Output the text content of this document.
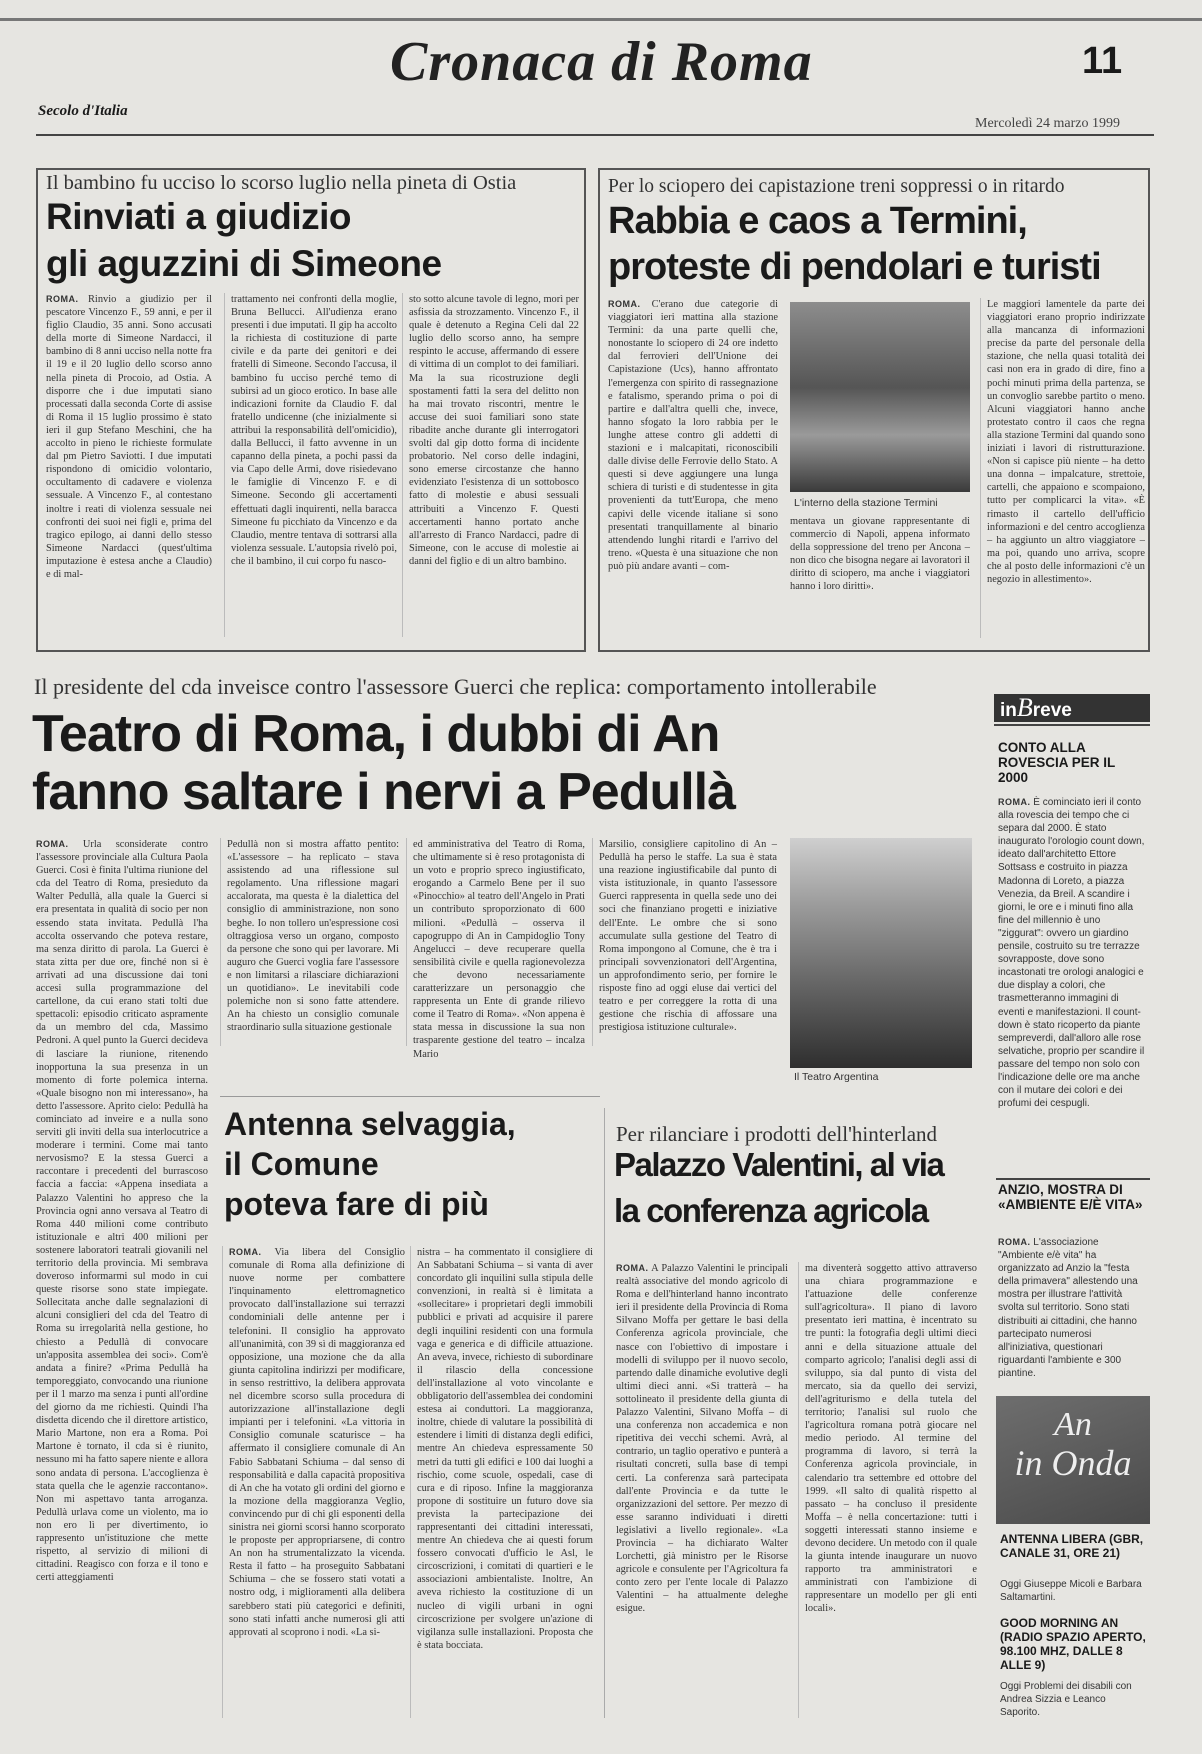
Cronaca di Roma	11
Secolo d'Italia
Mercoledì 24 marzo 1999
Il bambino fu ucciso lo scorso luglio nella pineta di Ostia
Rinviati a giudizio
gli aguzzini di Simeone
ROMA. Rinvio a giudizio per il pescatore Vincenzo F., 59 anni, e per il figlio Claudio, 35 anni. Sono accusati della morte di Simeone Nardacci, il bambino di 8 anni ucciso nella notte fra il 19 e il 20 luglio dello scorso anno nella pineta di Procoio, ad Ostia. A disporre che i due imputati siano processati dalla seconda Corte di assise di Roma il 15 luglio prossimo è stato ieri il gup Stefano Meschini, che ha accolto in pieno le richieste formulate dal pm Pietro Saviotti. I due imputati rispondono di omicidio volontario, occultamento di cadavere e violenza sessuale. A Vincenzo F., al contestano inoltre i reati di violenza sessuale nei confronti dei suoi nei figli e, prima del tragico epilogo, ai danni dello stesso Simeone Nardacci (quest'ultima imputazione è estesa anche a Claudio) e di mal-
trattamento nei confronti della moglie, Bruna Bellucci. All'udienza erano presenti i due imputati. Il gip ha accolto la richiesta di costituzione di parte civile e da parte dei genitori e dei fratelli di Simeone. Secondo l'accusa, il bambino fu ucciso perché temo di subirsi ad un gioco erotico. In base alle indicazioni fornite da Claudio F. dal fratello undicenne (che inizialmente si attribuì la responsabilità dell'omicidio), dalla Bellucci, il fatto avvenne in un capanno della pineta, a pochi passi da via Capo delle Armi, dove risiedevano le famiglie di Vincenzo F. e di Simeone. Secondo gli accertamenti effettuati dagli inquirenti, nella baracca Simeone fu picchiato da Vincenzo e da Claudio, mentre tentava di sottrarsi alla violenza sessuale. L'autopsia rivelò poi, che il bambino, il cui corpo fu nasco-
sto sotto alcune tavole di legno, morì per asfissia da strozzamento. Vincenzo F., il quale è detenuto a Regina Celi dal 22 luglio dello scorso anno, ha sempre respinto le accuse, affermando di essere di vittima di un complot to dei familiari. Ma la sua ricostruzione degli spostamenti fatti la sera del delitto non ha mai trovato riscontri, mentre le accuse dei suoi familiari sono state ribadite anche durante gli interrogatori svolti dal gip dotto forma di incidente probatorio. Nel corso delle indagini, sono emerse circostanze che hanno evidenziato l'esistenza di un sottobosco fatto di molestie e abusi sessuali attribuiti a Vincenzo F. Questi accertamenti hanno portato anche all'arresto di Franco Nardacci, padre di Simeone, con le accuse di molestie ai danni del figlio e di un altro bambino.
Per lo sciopero dei capistazione treni soppressi o in ritardo
Rabbia e caos a Termini,
proteste di pendolari e turisti
ROMA. C'erano due categorie di viaggiatori ieri mattina alla stazione Termini: da una parte quelli che, nonostante lo sciopero di 24 ore indetto dal ferrovieri dell'Unione dei Capistazione (Ucs), hanno affrontato l'emergenza con spirito di rassegnazione e fatalismo, sperando prima o poi di partire e dall'altra quelli che, invece, hanno sfogato la loro rabbia per le lunghe attese contro gli addetti di stazioni e i malcapitati, riconoscibili dalle divise delle Ferrovie dello Stato. A questi si deve aggiungere una lunga schiera di turisti e di studentesse in gita provenienti da tutt'Europa, che meno capivi delle vicende italiane si sono presentati tranquillamente al binario attendendo lunghi ritardi e l'arrivo del treno. «Questa è una situazione che non può più andare avanti – com-
L'interno della stazione Termini
mentava un giovane rappresentante di commercio di Napoli, appena informato della soppressione del treno per Ancona – non dico che bisogna negare ai lavoratori il diritto di sciopero, ma anche i viaggiatori hanno i loro diritti».
Le maggiori lamentele da parte dei viaggiatori erano proprio indirizzate alla mancanza di informazioni precise da parte del personale della stazione, che nella quasi totalità dei casi non era in grado di dire, fino a pochi minuti prima della partenza, se un convoglio sarebbe partito o meno. Alcuni viaggiatori hanno anche protestato contro il caos che regna alla stazione Termini dal quando sono iniziati i lavori di ristrutturazione. «Non si capisce più niente – ha detto una donna – impalcature, strettoie, cartelli, che appaiono e scompaiono, tutto per complicarci la vita». «È rimasto il cartello dell'ufficio informazioni e del centro accoglienza – ha aggiunto un altro viaggiatore – ma poi, quando uno arriva, scopre che al posto delle informazioni c'è un negozio in allestimento».
Il presidente del cda inveisce contro l'assessore Guerci che replica: comportamento intollerabile
Teatro di Roma, i dubbi di An
fanno saltare i nervi a Pedullà
ROMA. Urla sconsiderate contro l'assessore provinciale alla Cultura Paola Guerci. Così è finita l'ultima riunione del cda del Teatro di Roma, presieduto da Walter Pedullà, alla quale la Guerci si era presentata in qualità di socio per non essendo stata invitata. Pedullà l'ha accolta osservando che poteva restare, ma senza diritto di parola. La Guerci è stata zitta per due ore, finché non si è arrivati ad una discussione dai toni accesi sulla programmazione del cartellone, da cui erano stati tolti due spettacoli: episodio criticato aspramente da un membro del cda, Massimo Pedroni. A quel punto la Guerci decideva di lasciare la riunione, ritenendo inopportuna la sua presenza in un momento di forte polemica interna. «Quale bisogno non mi interessano», ha detto l'assessore. Aprito cielo: Pedullà ha cominciato ad inveire e a nulla sono serviti gli inviti della sua interlocutrice a moderare i termini. Come mai tanto nervosismo? E la stessa Guerci a raccontare i precedenti del burrascoso faccia a faccia: «Appena insediata a Palazzo Valentini ho appreso che la Provincia ogni anno versava al Teatro di Roma 440 milioni come contributo istituzionale e altri 400 milioni per sostenere laboratori teatrali giovanili nel territorio della provincia. Mi sembrava doveroso informarmi sul modo in cui queste risorse sono state impiegate. Sollecitata anche dalle segnalazioni di alcuni consiglieri del cda del Teatro di Roma su irregolarità nella gestione, ho chiesto a Pedullà di convocare un'apposita assemblea dei soci». Com'è andata a finire? «Prima Pedullà ha temporeggiato, convocando una riunione per il 1 marzo ma senza i punti all'ordine del giorno da me richiesti. Quindi l'ha disdetta dicendo che il direttore artistico, Mario Martone, non era a Roma. Poi Martone è tornato, il cda si è riunito, nessuno mi ha fatto sapere niente e allora sono andata di persona. L'accoglienza è stata quella che le agenzie raccontano». Non mi aspettavo tanta arroganza. Pedullà urlava come un violento, ma io non ero lì per divertimento, io rappresento un'istituzione che mette rispetto, al servizio di milioni di cittadini. Reagisco con forza e il tono e certi atteggiamenti
Pedullà non si mostra affatto pentito: «L'assessore – ha replicato – stava assistendo ad una riflessione sul regolamento. Una riflessione magari accalorata, ma questa è la dialettica del consiglio di amministrazione, non sono beghe. Io non tollero un'espressione così oltraggiosa verso un organo, composto da persone che sono qui per lavorare. Mi auguro che Guerci voglia fare l'assessore e non limitarsi a rilasciare dichiarazioni un quotidiano». Le inevitabili code polemiche non si sono fatte attendere. An ha chiesto un consiglio comunale straordinario sulla situazione gestionale
ed amministrativa del Teatro di Roma, che ultimamente si è reso protagonista di un voto e proprio spreco ingiustificato, erogando a Carmelo Bene per il suo «Pinocchio» al teatro dell'Angelo in Prati un contributo sproporzionato di 600 milioni. «Pedullà – osserva il capogruppo di An in Campidoglio Tony Angelucci – deve recuperare quella sensibilità civile e quella ragionevolezza che devono necessariamente caratterizzare un personaggio che rappresenta un Ente di grande rilievo come il Teatro di Roma». «Non appena è stata messa in discussione la sua non trasparente gestione del teatro – incalza Mario
Marsilio, consigliere capitolino di An – Pedullà ha perso le staffe. La sua è stata una reazione ingiustificabile dal punto di vista istituzionale, in quanto l'assessore Guerci rappresenta in quella sede uno dei soci che finanziano progetti e iniziative dell'Ente. Le ombre che si sono accumulate sulla gestione del Teatro di Roma impongono al Comune, che è tra i principali sovvenzionatori dell'Argentina, un approfondimento serio, per fornire le risposte fino ad oggi eluse dai vertici del teatro e per correggere la rotta di una gestione che rischia di affossare una prestigiosa istituzione culturale».
Il Teatro Argentina
Antenna selvaggia,
il Comune
poteva fare di più
ROMA. Via libera del Consiglio comunale di Roma alla definizione di nuove norme per combattere l'inquinamento elettromagnetico provocato dall'installazione sui terrazzi condominiali delle antenne per i telefonini. Il consiglio ha approvato all'unanimità, con 39 sì di maggioranza ed opposizione, una mozione che da alla giunta capitolina indirizzi per modificare, in senso restrittivo, la delibera approvata nel dicembre scorso sulla procedura di autorizzazione all'installazione degli impianti per i telefonini. «La vittoria in Consiglio comunale scaturisce – ha affermato il consigliere comunale di An Fabio Sabbatani Schiuma – dal senso di responsabilità e dalla capacità propositiva di An che ha votato gli ordini del giorno e la mozione della maggioranza Veglio, convincendo pur di chi gli esponenti della sinistra nei giorni scorsi hanno scorporato le proposte per appropriarsene, di contro An non ha strumentalizzato la vicenda. Resta il fatto – ha proseguito Sabbatani Schiuma – che se fossero stati votati a nostro odg, i miglioramenti alla delibera sarebbero stati più categorici e definiti, sono stati infatti anche numerosi gli atti approvati al scoprono i nodi. «La si-
nistra – ha commentato il consigliere di An Sabbatani Schiuma – si vanta di aver concordato gli inquilini sulla stipula delle convenzioni, in realtà si è limitata a «sollecitare» i proprietari degli immobili pubblici e privati ad acquisire il parere degli inquilini residenti con una formula vaga e generica e di difficile attuazione. An aveva, invece, richiesto di subordinare il rilascio della concessione dell'installazione al voto vincolante e obbligatorio dell'assemblea dei condomini estesa ai conduttori. La maggioranza, inoltre, chiede di valutare la possibilità di estendere i limiti di distanza degli edifici, mentre An chiedeva espressamente 50 metri da tutti gli edifici e 100 dai luoghi a rischio, come scuole, ospedali, case di cura e di riposo. Infine la maggioranza propone di sostituire un futuro dove sia prevista la partecipazione dei rappresentanti dei cittadini interessati, mentre An chiedeva che ai questi forum fossero convocati d'ufficio le Asl, le circoscrizioni, i comitati di quartieri e le associazioni ambientaliste. Inoltre, An aveva richiesto la costituzione di un nucleo di vigili urbani in ogni circoscrizione per svolgere un'azione di vigilanza sulle installazioni. Proposta che è stata bocciata.
Per rilanciare i prodotti dell'hinterland
Palazzo Valentini, al via
la conferenza agricola
ROMA. A Palazzo Valentini le principali realtà associative del mondo agricolo di Roma e dell'hinterland hanno incontrato ieri il presidente della Provincia di Roma Silvano Moffa per gettare le basi della Conferenza agricola provinciale, che nasce con l'obiettivo di impostare i modelli di sviluppo per il nuovo secolo, partendo dalle dinamiche evolutive degli ultimi dieci anni. «Si tratterà – ha sottolineato il presidente della giunta di Palazzo Valentini, Silvano Moffa – di una conferenza non accademica e non ripetitiva dei vecchi schemi. Avrà, al contrario, un taglio operativo e punterà a risultati concreti, sulla base di tempi certi. La conferenza sarà partecipata dall'ente Provincia e da tutte le organizzazioni del settore. Per mezzo di esse saranno individuati i diretti legislativi a livello regionale». «La Provincia – ha dichiarato Walter Lorchetti, già ministro per le Risorse agricole e consulente per l'Agricoltura fa conto zero per l'ente locale di Palazzo Valentini – ha attualmente deleghe esigue.
ma diventerà soggetto attivo attraverso una chiara programmazione e l'attuazione delle conferenze sull'agricoltura». Il piano di lavoro presentato ieri mattina, è incentrato su tre punti: la fotografia degli ultimi dieci anni e della situazione attuale del comparto agricolo; l'analisi degli assi di sviluppo, sia dal punto di vista del mercato, sia da quello dei servizi, dell'agriturismo e della tutela del territorio; l'analisi sul ruolo che l'agricoltura romana potrà giocare nel medio periodo. Al termine del programma di lavoro, si terrà la Conferenza agricola provinciale, in calendario tra settembre ed ottobre del 1999. «Il salto di qualità rispetto al passato – ha concluso il presidente Moffa – è nella concertazione: tutti i soggetti interessati stanno insieme e devono decidere. Un metodo con il quale la giunta intende inaugurare un nuovo rapporto tra amministratori e amministrati con l'ambizione di rappresentare un modello per gli enti locali».
inBreve
CONTO ALLA ROVESCIA PER IL 2000
ROMA. È cominciato ieri il conto alla rovescia dei tempo che ci separa dal 2000. È stato inaugurato l'orologio count down, ideato dall'architetto Ettore Sottsass e costruito in piazza Madonna di Loreto, a piazza Venezia, da Breil. A scandire i giorni, le ore e i minuti fino alla fine del millennio è uno "ziggurat": ovvero un giardino pensile, costruito su tre terrazze sovrapposte, dove sono incastonati tre orologi analogici e due display a colori, che trasmetteranno immagini di eventi e manifestazioni. Il count-down è stato ricoperto da piante sempreverdi, dall'alloro alle rose selvatiche, proprio per scandire il passare del tempo non solo con l'indicazione delle ore ma anche con il mutare dei colori e dei profumi dei cespugli.
ANZIO, MOSTRA DI «AMBIENTE E/È VITA»
ROMA. L'associazione "Ambiente e/è vita" ha organizzato ad Anzio la "festa della primavera" allestendo una mostra per illustrare l'attività svolta sul territorio. Sono stati distribuiti ai cittadini, che hanno partecipato numerosi all'iniziativa, questionari riguardanti l'ambiente e 300 piantine.
An
in Onda
ANTENNA LIBERA (GBR, CANALE 31, ORE 21)
Oggi Giuseppe Micoli e Barbara Saltamartini.
GOOD MORNING AN (RADIO SPAZIO APERTO, 98.100 MHZ, DALLE 8 ALLE 9)
Oggi Problemi dei disabili con Andrea Sizzia e Leanco Saporito.
